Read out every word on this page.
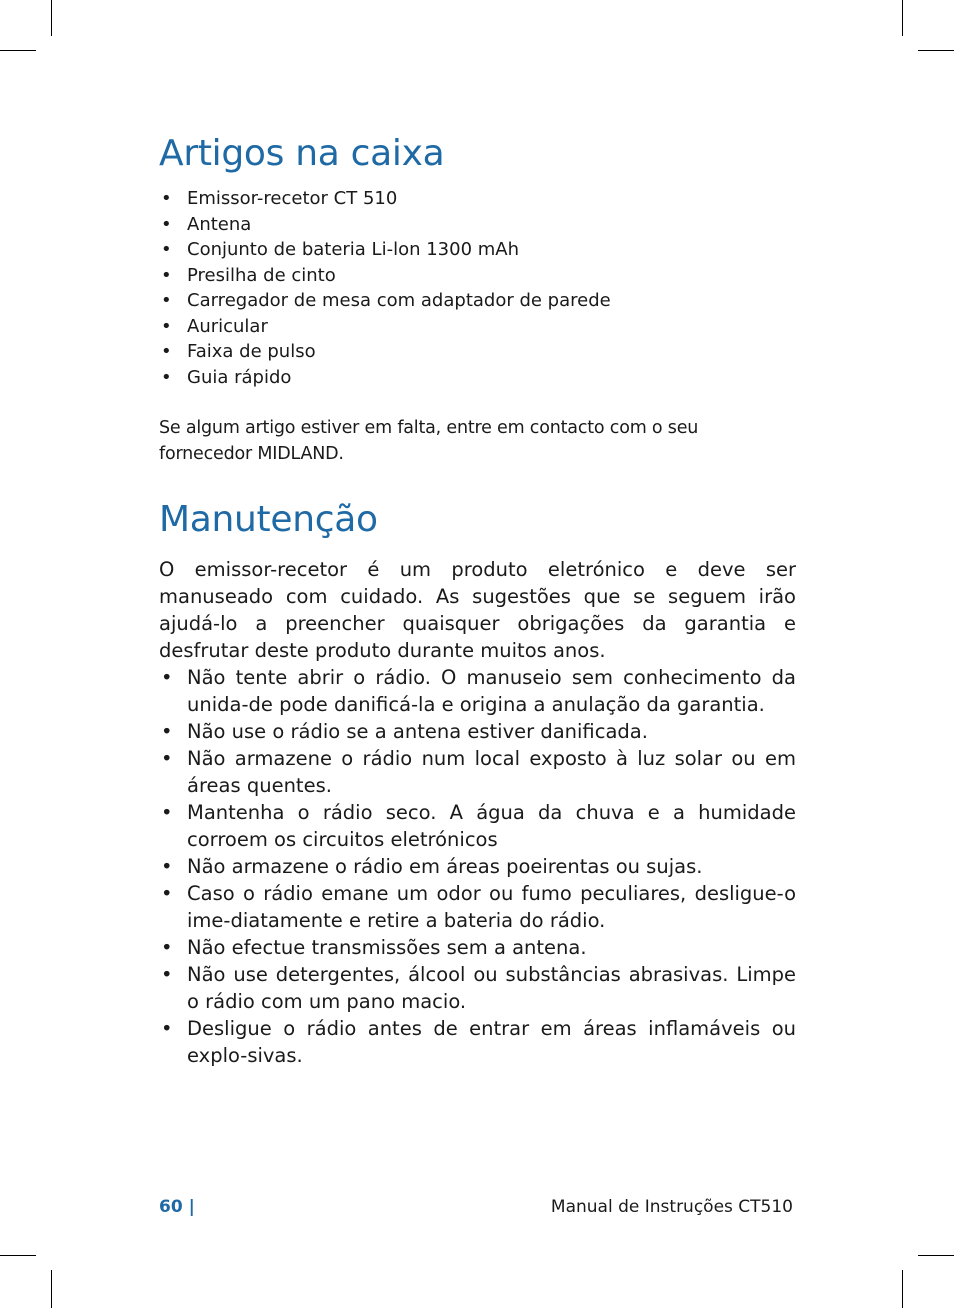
Artigos na caixa
• Emissor-recetor CT 510
• Antena
• Conjunto de bateria Li-lon 1300 mAh
• Presilha de cinto
• Carregador de mesa com adaptador de parede
• Auricular
• Faixa de pulso
• Guia rápido

Se algum artigo estiver em falta, entre em contacto com o seu fornecedor MIDLAND.

Manutenção

O emissor-recetor é um produto eletrónico e deve ser manuseado com cuidado. As sugestões que se seguem irão ajudá-lo a preencher quaisquer obrigações da garantia e desfrutar deste produto durante muitos anos.

• Não tente abrir o rádio. O manuseio sem conhecimento da unida-de pode danificá-la e origina a anulação da garantia.
• Não use o rádio se a antena estiver danificada.
• Não armazene o rádio num local exposto à luz solar ou em áreas quentes.
• Mantenha o rádio seco. A água da chuva e a humidade corroem os circuitos eletrónicos
• Não armazene o rádio em áreas poeirentas ou sujas.
• Caso o rádio emane um odor ou fumo peculiares, desligue-o ime-diatamente e retire a bateria do rádio.
• Não efectue transmissões sem a antena.
• Não use detergentes, álcool ou substâncias abrasivas. Limpe o rádio com um pano macio.
• Desligue o rádio antes de entrar em áreas inflamáveis ou explo-sivas.
60 |	Manual de Instruções CT510
